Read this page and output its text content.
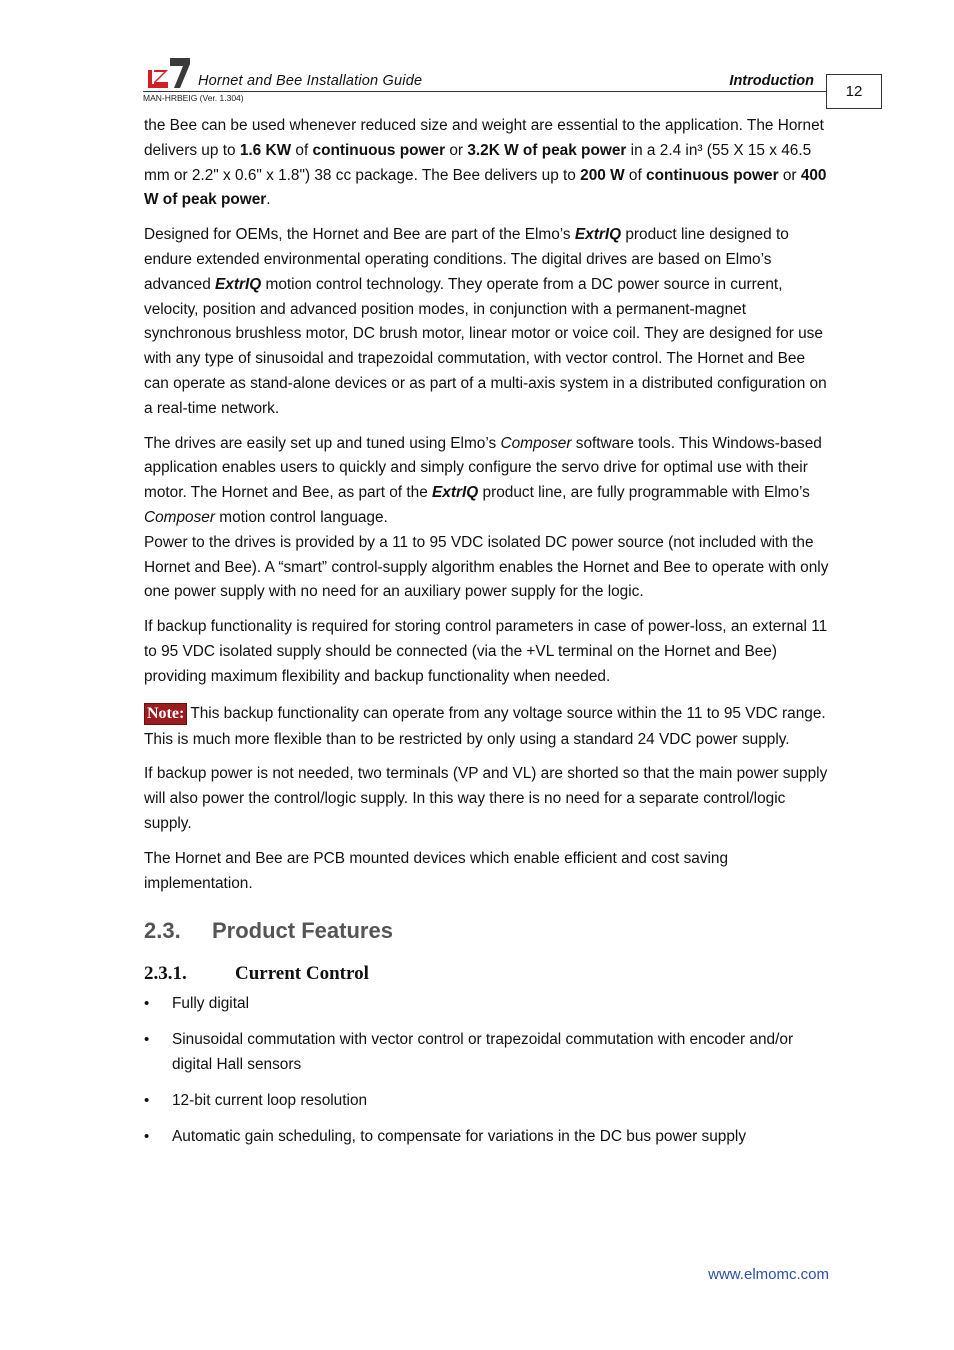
Hornet and Bee Installation Guide	Introduction
MAN-HRBEIG (Ver. 1.304)	12

the Bee can be used whenever reduced size and weight are essential to the application. The Hornet delivers up to 1.6 KW of continuous power or 3.2K W of peak power in a 2.4 in³ (55 X 15 x 46.5 mm or 2.2" x 0.6" x 1.8") 38 cc package. The Bee delivers up to 200 W of continuous power or 400 W of peak power.

Designed for OEMs, the Hornet and Bee are part of the Elmo’s ExtrIQ product line designed to endure extended environmental operating conditions. The digital drives are based on Elmo’s advanced ExtrIQ motion control technology. They operate from a DC power source in current, velocity, position and advanced position modes, in conjunction with a permanent-magnet synchronous brushless motor, DC brush motor, linear motor or voice coil. They are designed for use with any type of sinusoidal and trapezoidal commutation, with vector control. The Hornet and Bee can operate as stand-alone devices or as part of a multi-axis system in a distributed configuration on a real-time network.

The drives are easily set up and tuned using Elmo’s Composer software tools. This Windows-based application enables users to quickly and simply configure the servo drive for optimal use with their motor. The Hornet and Bee, as part of the ExtrIQ product line, are fully programmable with Elmo’s Composer motion control language.

Power to the drives is provided by a 11 to 95 VDC isolated DC power source (not included with the Hornet and Bee). A “smart” control-supply algorithm enables the Hornet and Bee to operate with only one power supply with no need for an auxiliary power supply for the logic.

If backup functionality is required for storing control parameters in case of power-loss, an external 11 to 95 VDC isolated supply should be connected (via the +VL terminal on the Hornet and Bee) providing maximum flexibility and backup functionality when needed.

Note: This backup functionality can operate from any voltage source within the 11 to 95 VDC range. This is much more flexible than to be restricted by only using a standard 24 VDC power supply.

If backup power is not needed, two terminals (VP and VL) are shorted so that the main power supply will also power the control/logic supply. In this way there is no need for a separate control/logic supply.

The Hornet and Bee are PCB mounted devices which enable efficient and cost saving implementation.

2.3. Product Features
2.3.1.	Current Control
• Fully digital
• Sinusoidal commutation with vector control or trapezoidal commutation with encoder and/or digital Hall sensors
• 12-bit current loop resolution
• Automatic gain scheduling, to compensate for variations in the DC bus power supply
www.elmomc.com
